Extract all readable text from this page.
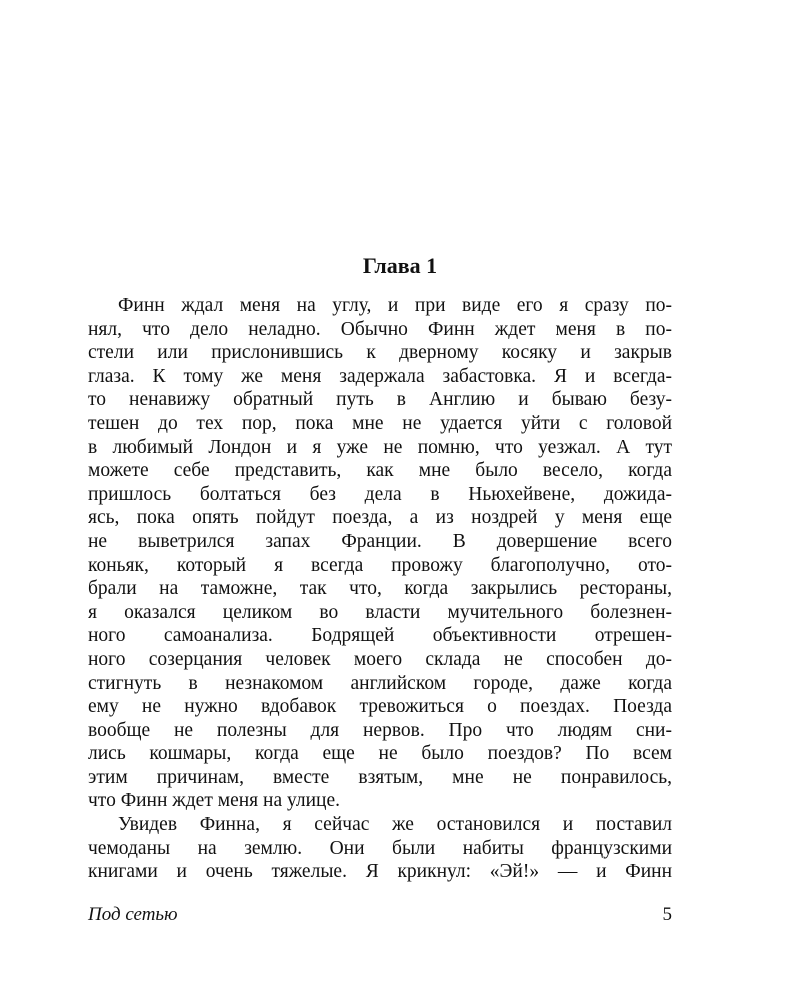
Глава 1
Финн ждал меня на углу, и при виде его я сразу по-
нял, что дело неладно. Обычно Финн ждет меня в по-
стели или прислонившись к дверному косяку и закрыв
глаза. К тому же меня задержала забастовка. Я и всегда-
то ненавижу обратный путь в Англию и бываю безу-
тешен до тех пор, пока мне не удается уйти с головой
в любимый Лондон и я уже не помню, что уезжал. А тут
можете себе представить, как мне было весело, когда
пришлось болтаться без дела в Ньюхейвене, дожида-
ясь, пока опять пойдут поезда, а из ноздрей у меня еще
не выветрился запах Франции. В довершение всего
коньяк, который я всегда провожу благополучно, ото-
брали на таможне, так что, когда закрылись рестораны,
я оказался целиком во власти мучительного болезнен-
ного самоанализа. Бодрящей объективности отрешен-
ного созерцания человек моего склада не способен до-
стигнуть в незнакомом английском городе, даже когда
ему не нужно вдобавок тревожиться о поездах. Поезда
вообще не полезны для нервов. Про что людям сни-
лись кошмары, когда еще не было поездов? По всем
этим причинам, вместе взятым, мне не понравилось,
что Финн ждет меня на улице.
Увидев Финна, я сейчас же остановился и поставил
чемоданы на землю. Они были набиты французскими
книгами и очень тяжелые. Я крикнул: «Эй!» — и Финн
Под сетью	5
